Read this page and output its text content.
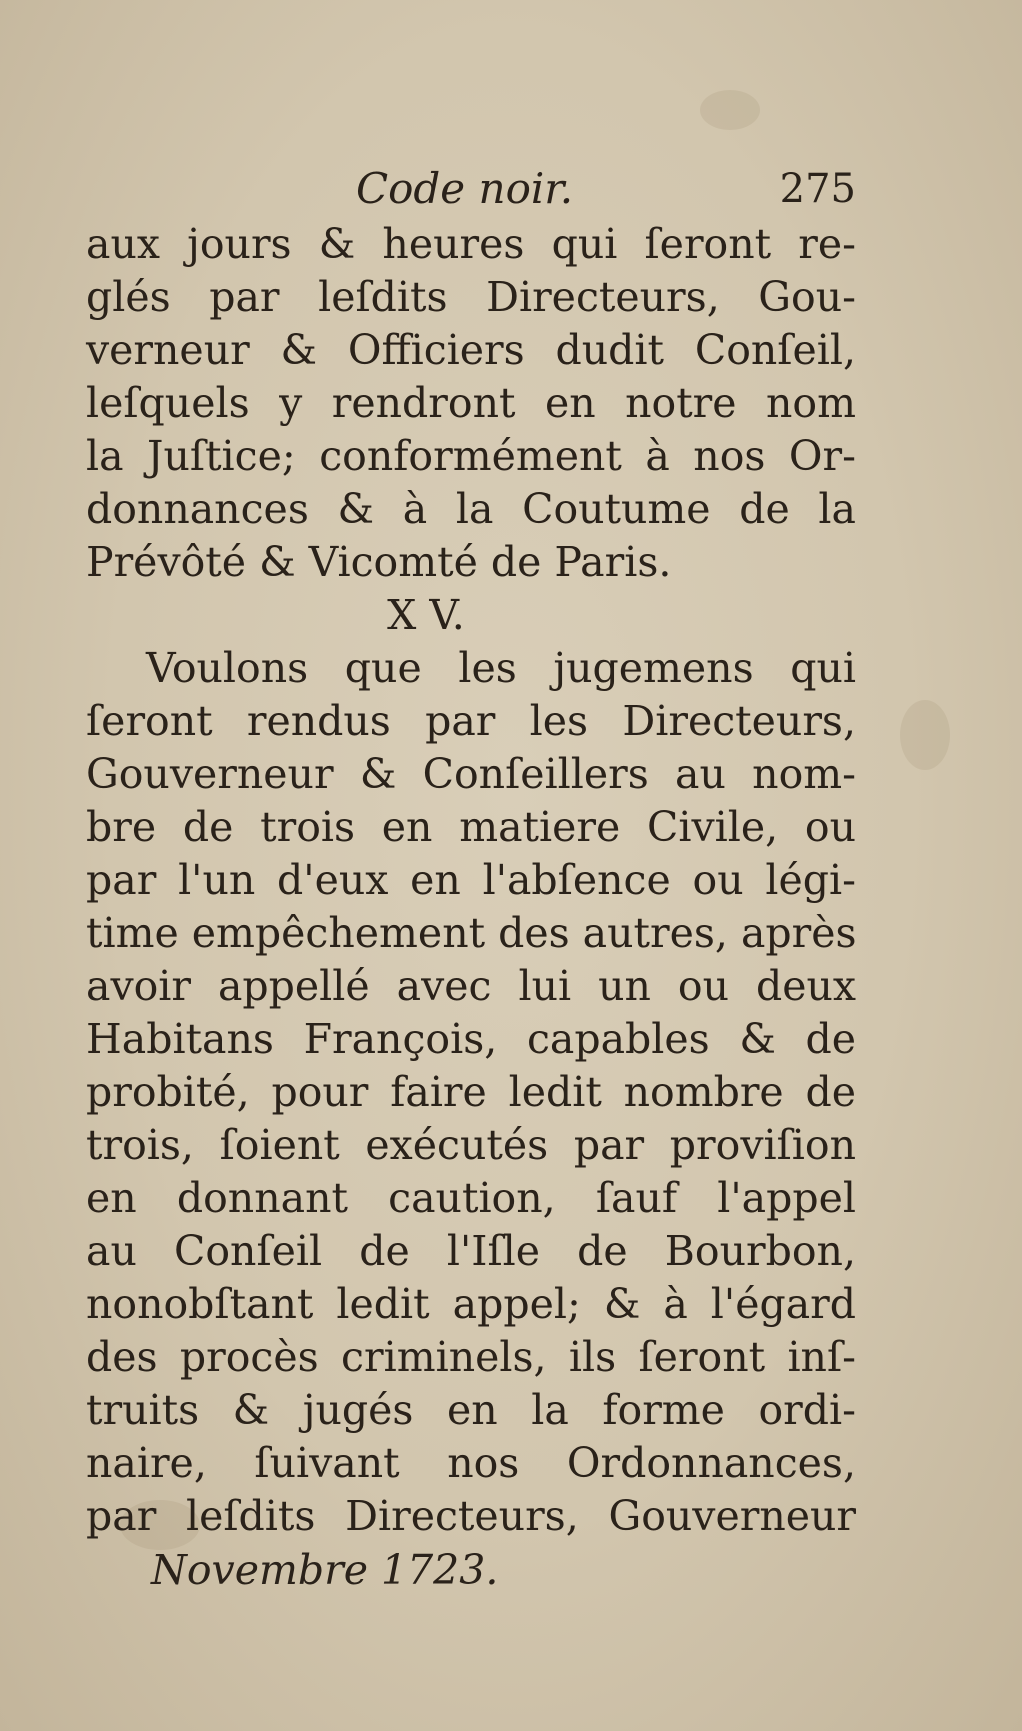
Code noir.	275
aux jours & heures qui ſeront re-
glés par leſdits Directeurs, Gou-
verneur & Officiers dudit Conſeil,
leſquels y rendront en notre nom
la Juſtice; conformément à nos Or-
donnances & à la Coutume de la
Prévôté & Vicomté de Paris.
X V.
Voulons que les jugemens qui
ſeront rendus par les Directeurs,
Gouverneur & Conſeillers au nom-
bre de trois en matiere Civile, ou
par l'un d'eux en l'abſence ou légi-
time empêchement des autres, après
avoir appellé avec lui un ou deux
Habitans François, capables & de
probité, pour faire ledit nombre de
trois, ſoient exécutés par proviſion
en donnant caution, ſauf l'appel
au Conſeil de l'Iſle de Bourbon,
nonobſtant ledit appel; & à l'égard
des procès criminels, ils ſeront inſ-
truits & jugés en la forme ordi-
naire, ſuivant nos Ordonnances,
par leſdits Directeurs, Gouverneur
Novembre 1723.
